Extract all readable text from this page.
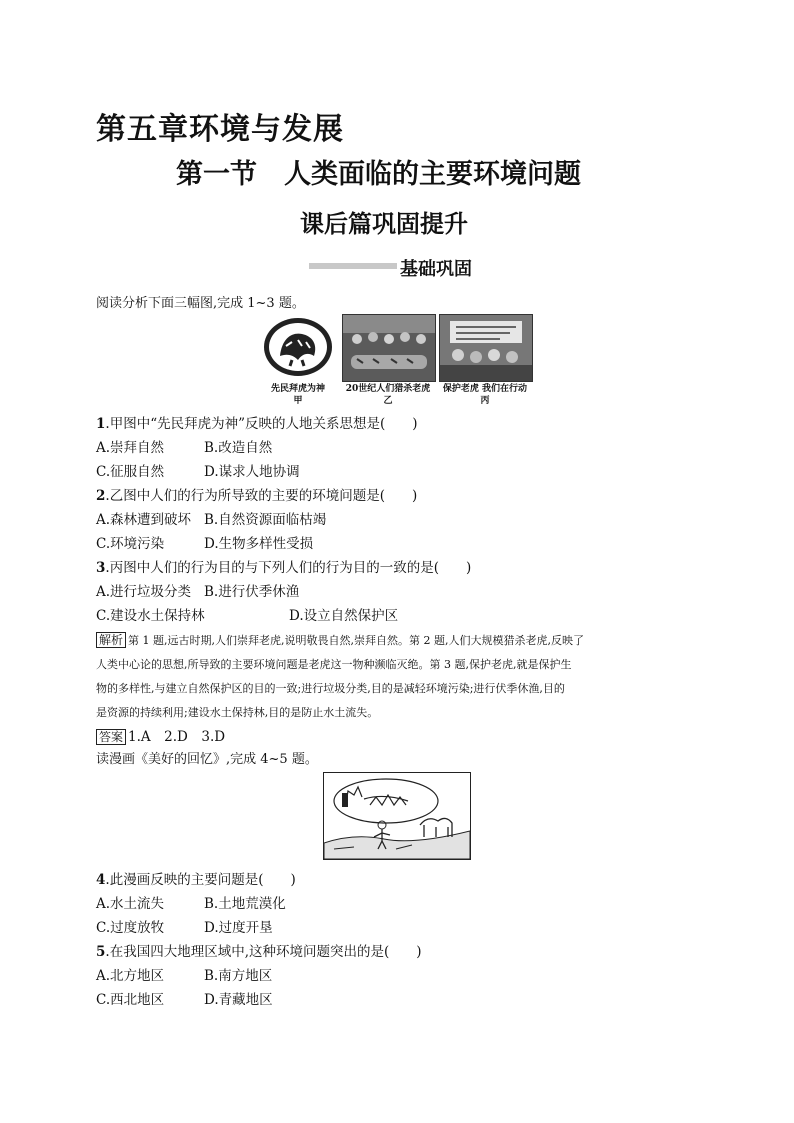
第五章环境与发展
第一节　人类面临的主要环境问题
课后篇巩固提升
基础巩固
阅读分析下面三幅图,完成 1~3 题。
先民拜虎为神
甲
20世纪人们猎杀老虎
乙
保护老虎 我们在行动
丙
1.甲图中“先民拜虎为神”反映的人地关系思想是(　　)
A.崇拜自然	B.改造自然
C.征服自然	D.谋求人地协调
2.乙图中人们的行为所导致的主要的环境问题是(　　)
A.森林遭到破坏 B.自然资源面临枯竭
C.环境污染	D.生物多样性受损
3.丙图中人们的行为目的与下列人们的行为目的一致的是(　　)
A.进行垃圾分类 B.进行伏季休渔
C.建设水土保持林	D.设立自然保护区
解析 第 1 题,远古时期,人们崇拜老虎,说明敬畏自然,崇拜自然。第 2 题,人们大规模猎杀老虎,反映了
人类中心论的思想,所导致的主要环境问题是老虎这一物种濒临灭绝。第 3 题,保护老虎,就是保护生
物的多样性,与建立自然保护区的目的一致;进行垃圾分类,目的是减轻环境污染;进行伏季休渔,目的
是资源的持续利用;建设水土保持林,目的是防止水土流失。
答案 1.A　2.D　3.D
读漫画《美好的回忆》,完成 4~5 题。
4.此漫画反映的主要问题是(　　)
A.水土流失	B.土地荒漠化
C.过度放牧	D.过度开垦
5.在我国四大地理区域中,这种环境问题突出的是(　　)
A.北方地区	B.南方地区
C.西北地区	D.青藏地区
